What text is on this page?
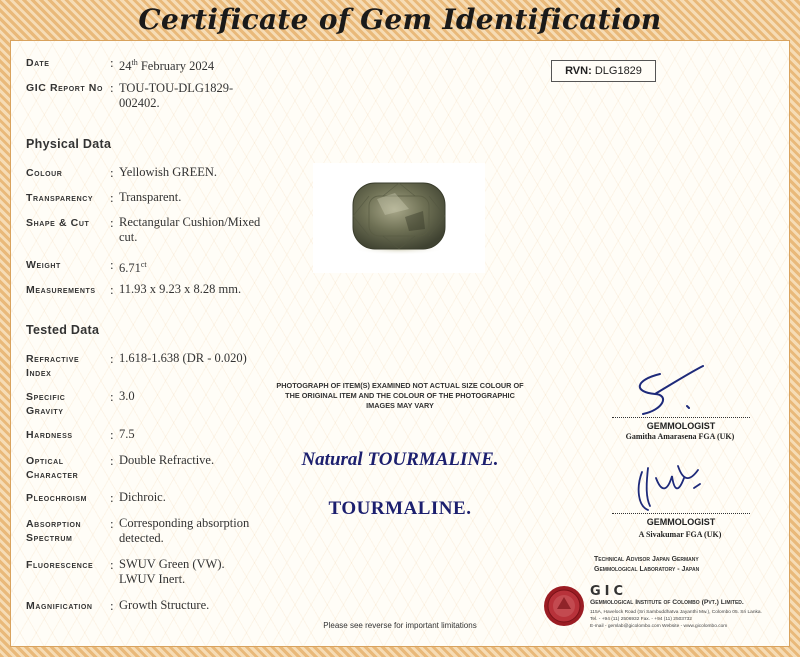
Certificate of Gem Identification
Date	: 24th February 2024
GIC Report No : TOU-TOU-DLG1829-
002402.
RVN: DLG1829
Physical Data
Colour	: Yellowish GREEN.
Transparency : Transparent.
Shape & Cut : Rectangular Cushion/Mixed
cut.
Weight	: $6.71^{ct}$
Measurements : 11.93 x 9.23 x 8.28 mm.
Tested Data
Refractive
Index
: 1.618-1.638 (DR - 0.020)
Specific
Gravity
: 3.0
Hardness	: 7.5
Optical
Character
: Double Refractive.
Pleochroism : Dichroic.
Absorption
Spectrum
: Corresponding absorption
detected.
Fluorescence : SWUV Green (VW).
LWUV Inert.
Magnification : Growth Structure.
PHOTOGRAPH OF ITEM(S) EXAMINED NOT ACTUAL SIZE COLOUR OF
THE ORIGINAL ITEM AND THE COLOUR OF THE PHOTOGRAPHIC
IMAGES MAY VARY
Natural TOURMALINE.
TOURMALINE.
GEMMOLOGIST
Gamitha Amarasena FGA (UK)
GEMMOLOGIST
A Sivakumar FGA (UK)
Technical Advisor Japan Germany
Gemmological Laboratory - Japan
GIC
Gemmological Institute of Colombo (Pvt.) Limited.
115A, Havelock Road (Sri Sambuddhatva Jayanthi Mw.), Colombo 05. Sri Lanka.
Tel. - +94 (11) 2506932 Fax. - +94 (11) 2503732
E-mail - gemlab@gicolombo.com Website - www.gicolombo.com
Please see reverse for important limitations
